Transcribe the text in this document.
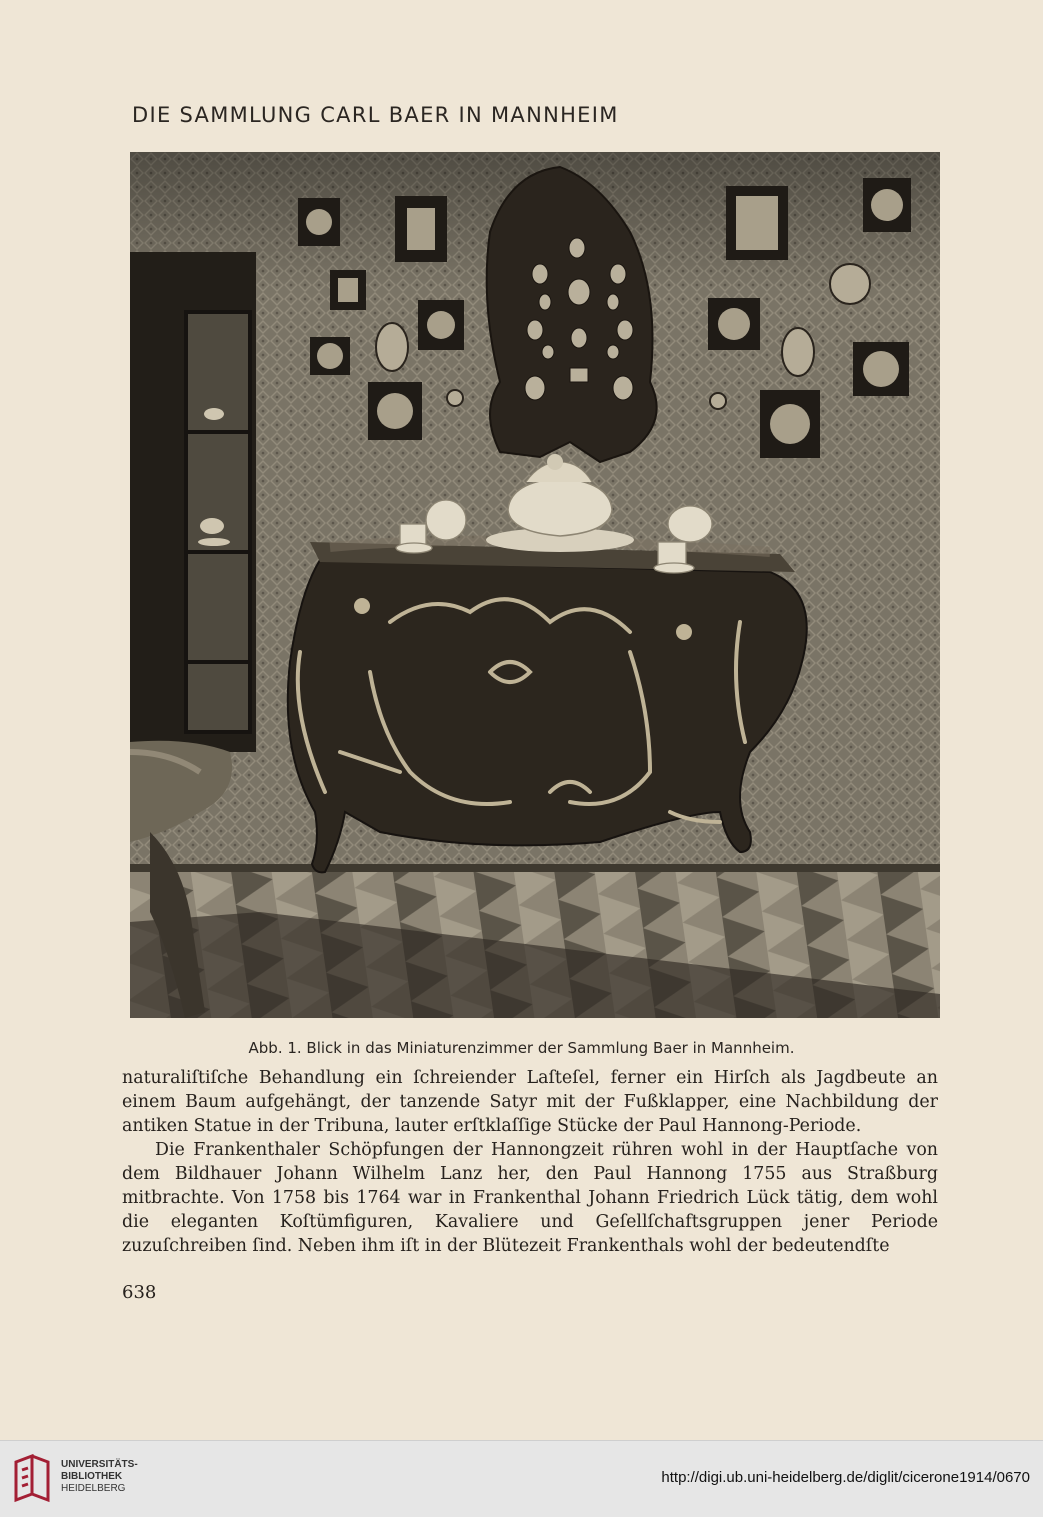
DIE SAMMLUNG CARL BAER IN MANNHEIM
Abb. 1. Blick in das Miniaturenzimmer der Sammlung Baer in Mannheim.

naturaliſtiſche Behandlung ein ſchreiender Laſteſel, ferner ein Hirſch als Jagdbeute an einem Baum aufgehängt, der tanzende Satyr mit der Fußklapper, eine Nachbildung der antiken Statue in der Tribuna, lauter erſtklaſſige Stücke der Paul Hannong-Periode.

Die Frankenthaler Schöpfungen der Hannongzeit rühren wohl in der Hauptſache von dem Bildhauer Johann Wilhelm Lanz her, den Paul Hannong 1755 aus Straßburg mitbrachte. Von 1758 bis 1764 war in Frankenthal Johann Friedrich Lück tätig, dem wohl die eleganten Koſtümfiguren, Kavaliere und Geſellſchaftsgruppen jener Periode zuzuſchreiben ſind. Neben ihm iſt in der Blütezeit Frankenthals wohl der bedeutendſte

638
UNIVERSITÄTS-
BIBLIOTHEK
HEIDELBERG
http://digi.ub.uni-heidelberg.de/diglit/cicerone1914/0670
